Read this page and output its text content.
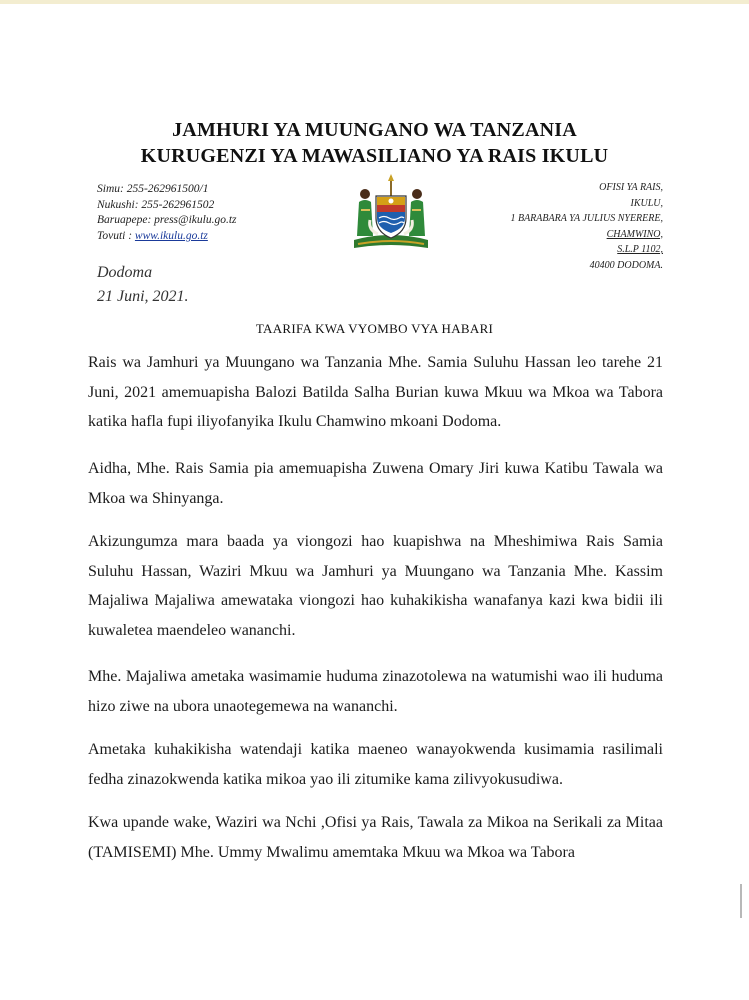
JAMHURI YA MUUNGANO WA TANZANIA
KURUGENZI YA MAWASILIANO YA RAIS IKULU
Simu: 255-262961500/1
Nukushi: 255-262961502
Baruapepe: press@ikulu.go.tz
Tovuti : www.ikulu.go.tz
OFISI YA RAIS,
IKULU,
1 BARABARA YA JULIUS NYERERE,
CHAMWINO,
S.L.P 1102,
40400 DODOMA.
Dodoma
21 Juni, 2021.
TAARIFA KWA VYOMBO VYA HABARI

Rais wa Jamhuri ya Muungano wa Tanzania Mhe. Samia Suluhu Hassan leo tarehe 21 Juni, 2021 amemuapisha Balozi Batilda Salha Burian kuwa Mkuu wa Mkoa wa Tabora katika hafla fupi iliyofanyika Ikulu Chamwino mkoani Dodoma.

Aidha, Mhe. Rais Samia pia amemuapisha Zuwena Omary Jiri kuwa Katibu Tawala wa Mkoa wa Shinyanga.

Akizungumza mara baada ya viongozi hao kuapishwa na Mheshimiwa Rais Samia Suluhu Hassan, Waziri Mkuu wa Jamhuri ya Muungano wa Tanzania Mhe. Kassim Majaliwa Majaliwa amewataka viongozi hao kuhakikisha wanafanya kazi kwa bidii ili kuwaletea maendeleo wananchi.

Mhe. Majaliwa ametaka wasimamie huduma zinazotolewa na watumishi wao ili huduma hizo ziwe na ubora unaotegemewa na wananchi.

Ametaka kuhakikisha watendaji katika maeneo wanayokwenda kusimamia rasilimali fedha zinazokwenda katika mikoa yao ili zitumike kama zilivyokusudiwa.

Kwa upande wake, Waziri wa Nchi ,Ofisi ya Rais, Tawala za Mikoa na Serikali za Mitaa (TAMISEMI) Mhe. Ummy Mwalimu amemtaka Mkuu wa Mkoa wa Tabora
